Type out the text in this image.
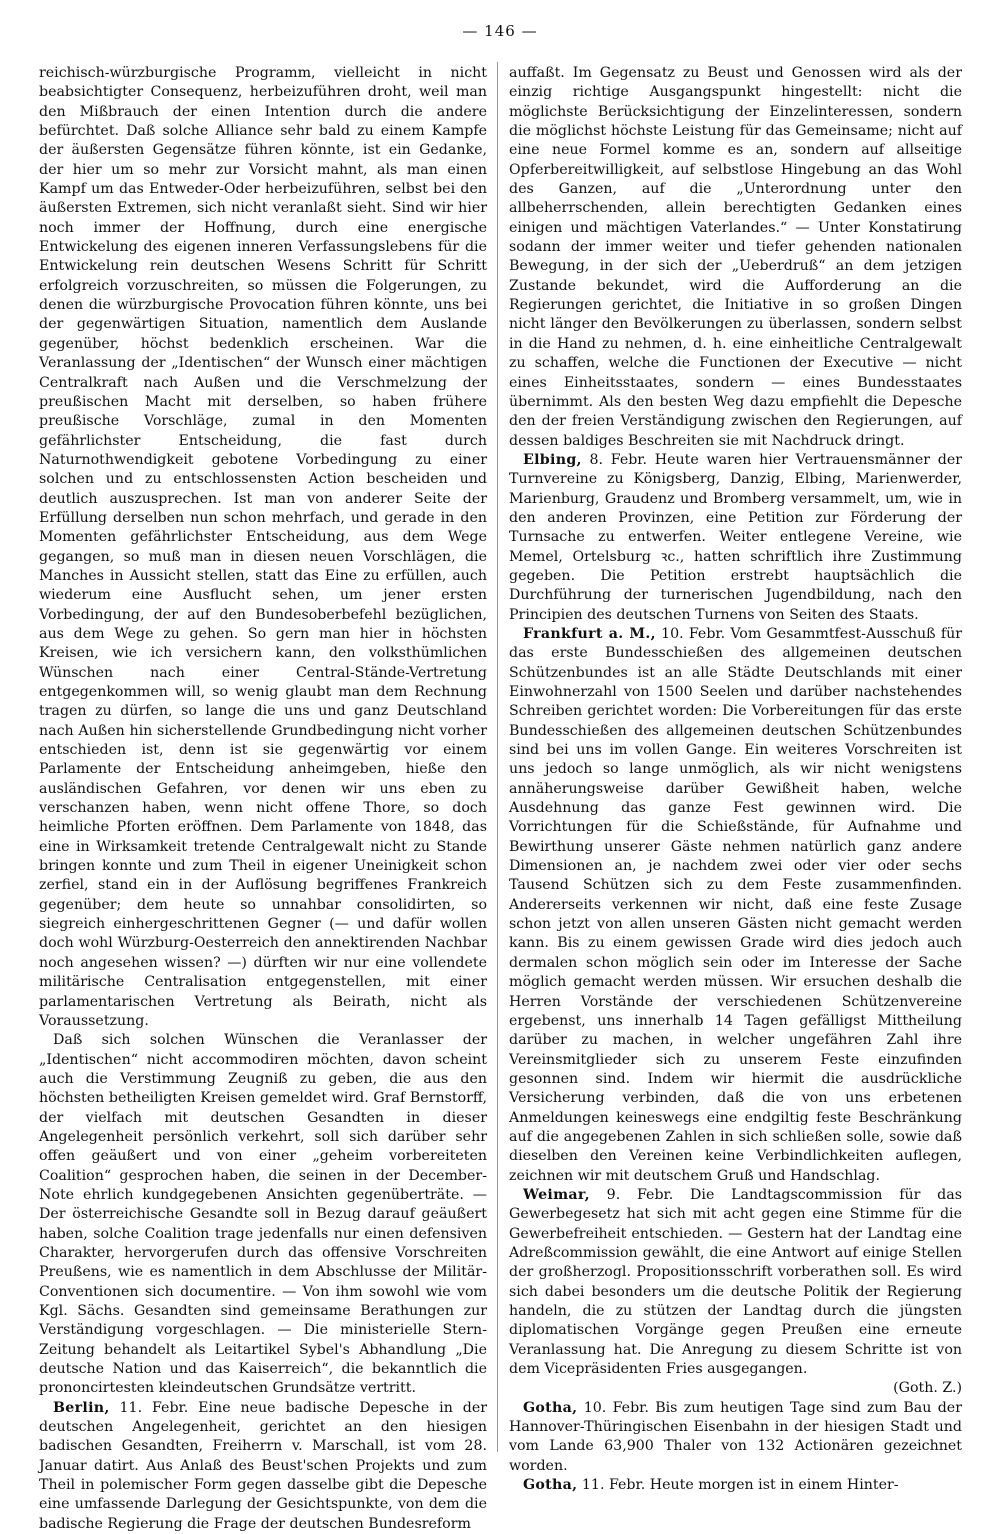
— 146 —

reichisch-würzburgische Programm, vielleicht in nicht beabsichtigter Consequenz, herbeizuführen droht, weil man den Mißbrauch der einen Intention durch die andere befürchtet. Daß solche Alliance sehr bald zu einem Kampfe der äußersten Gegensätze führen könnte, ist ein Gedanke, der hier um so mehr zur Vorsicht mahnt, als man einen Kampf um das Entweder-Oder herbeizuführen, selbst bei den äußersten Extremen, sich nicht veranlaßt sieht. Sind wir hier noch immer der Hoffnung, durch eine energische Entwickelung des eigenen inneren Verfassungslebens für die Entwickelung rein deutschen Wesens Schritt für Schritt erfolgreich vorzuschreiten, so müssen die Folgerungen, zu denen die würzburgische Provocation führen könnte, uns bei der gegenwärtigen Situation, namentlich dem Auslande gegenüber, höchst bedenklich erscheinen. War die Veranlassung der „Identischen“ der Wunsch einer mächtigen Centralkraft nach Außen und die Verschmelzung der preußischen Macht mit derselben, so haben frühere preußische Vorschläge, zumal in den Momenten gefährlichster Entscheidung, die fast durch Naturnothwendigkeit gebotene Vorbedingung zu einer solchen und zu entschlossensten Action bescheiden und deutlich auszusprechen. Ist man von anderer Seite der Erfüllung derselben nun schon mehrfach, und gerade in den Momenten gefährlichster Entscheidung, aus dem Wege gegangen, so muß man in diesen neuen Vorschlägen, die Manches in Aussicht stellen, statt das Eine zu erfüllen, auch wiederum eine Ausflucht sehen, um jener ersten Vorbedingung, der auf den Bundesoberbefehl bezüglichen, aus dem Wege zu gehen. So gern man hier in höchsten Kreisen, wie ich versichern kann, den volksthümlichen Wünschen nach einer Central-Stände-Vertretung entgegenkommen will, so wenig glaubt man dem Rechnung tragen zu dürfen, so lange die uns und ganz Deutschland nach Außen hin sicherstellende Grundbedingung nicht vorher entschieden ist, denn ist sie gegenwärtig vor einem Parlamente der Entscheidung anheimgeben, hieße den ausländischen Gefahren, vor denen wir uns eben zu verschanzen haben, wenn nicht offene Thore, so doch heimliche Pforten eröffnen. Dem Parlamente von 1848, das eine in Wirksamkeit tretende Centralgewalt nicht zu Stande bringen konnte und zum Theil in eigener Uneinigkeit schon zerfiel, stand ein in der Auflösung begriffenes Frankreich gegenüber; dem heute so unnahbar consolidirten, so siegreich einhergeschrittenen Gegner (— und dafür wollen doch wohl Würzburg-Oesterreich den annektirenden Nachbar noch angesehen wissen? —) dürften wir nur eine vollendete militärische Centralisation entgegenstellen, mit einer parlamentarischen Vertretung als Beirath, nicht als Voraussetzung.

Daß sich solchen Wünschen die Veranlasser der „Identischen“ nicht accommodiren möchten, davon scheint auch die Verstimmung Zeugniß zu geben, die aus den höchsten betheiligten Kreisen gemeldet wird. Graf Bernstorff, der vielfach mit deutschen Gesandten in dieser Angelegenheit persönlich verkehrt, soll sich darüber sehr offen geäußert und von einer „geheim vorbereiteten Coalition“ gesprochen haben, die seinen in der December-Note ehrlich kundgegebenen Ansichten gegenüberträte. — Der österreichische Gesandte soll in Bezug darauf geäußert haben, solche Coalition trage jedenfalls nur einen defensiven Charakter, hervorgerufen durch das offensive Vorschreiten Preußens, wie es namentlich in dem Abschlusse der Militär-Conventionen sich documentire. — Von ihm sowohl wie vom Kgl. Sächs. Gesandten sind gemeinsame Berathungen zur Verständigung vorgeschlagen. — Die ministerielle Stern-Zeitung behandelt als Leitartikel Sybel's Abhandlung „Die deutsche Nation und das Kaiserreich“, die bekanntlich die prononcirtesten kleindeutschen Grundsätze vertritt.

Berlin, 11. Febr. Eine neue badische Depesche in der deutschen Angelegenheit, gerichtet an den hiesigen badischen Gesandten, Freiherrn v. Marschall, ist vom 28. Januar datirt. Aus Anlaß des Beust'schen Projekts und zum Theil in polemischer Form gegen dasselbe gibt die Depesche eine umfassende Darlegung der Gesichtspunkte, von dem die badische Regierung die Frage der deutschen Bundesreform

auffaßt. Im Gegensatz zu Beust und Genossen wird als der einzig richtige Ausgangspunkt hingestellt: nicht die möglichste Berücksichtigung der Einzelinteressen, sondern die möglichst höchste Leistung für das Gemeinsame; nicht auf eine neue Formel komme es an, sondern auf allseitige Opferbereitwilligkeit, auf selbstlose Hingebung an das Wohl des Ganzen, auf die „Unterordnung unter den allbeherrschenden, allein berechtigten Gedanken eines einigen und mächtigen Vaterlandes.“ — Unter Konstatirung sodann der immer weiter und tiefer gehenden nationalen Bewegung, in der sich der „Ueberdruß“ an dem jetzigen Zustande bekundet, wird die Aufforderung an die Regierungen gerichtet, die Initiative in so großen Dingen nicht länger den Bevölkerungen zu überlassen, sondern selbst in die Hand zu nehmen, d. h. eine einheitliche Centralgewalt zu schaffen, welche die Functionen der Executive — nicht eines Einheitsstaates, sondern — eines Bundesstaates übernimmt. Als den besten Weg dazu empfiehlt die Depesche den der freien Verständigung zwischen den Regierungen, auf dessen baldiges Beschreiten sie mit Nachdruck dringt.

Elbing, 8. Febr. Heute waren hier Vertrauensmänner der Turnvereine zu Königsberg, Danzig, Elbing, Marienwerder, Marienburg, Graudenz und Bromberg versammelt, um, wie in den anderen Provinzen, eine Petition zur Förderung der Turnsache zu entwerfen. Weiter entlegene Vereine, wie Memel, Ortelsburg ꝛc., hatten schriftlich ihre Zustimmung gegeben. Die Petition erstrebt hauptsächlich die Durchführung der turnerischen Jugendbildung, nach den Principien des deutschen Turnens von Seiten des Staats.

Frankfurt a. M., 10. Febr. Vom Gesammtfest-Ausschuß für das erste Bundesschießen des allgemeinen deutschen Schützenbundes ist an alle Städte Deutschlands mit einer Einwohnerzahl von 1500 Seelen und darüber nachstehendes Schreiben gerichtet worden: Die Vorbereitungen für das erste Bundesschießen des allgemeinen deutschen Schützenbundes sind bei uns im vollen Gange. Ein weiteres Vorschreiten ist uns jedoch so lange unmöglich, als wir nicht wenigstens annäherungsweise darüber Gewißheit haben, welche Ausdehnung das ganze Fest gewinnen wird. Die Vorrichtungen für die Schießstände, für Aufnahme und Bewirthung unserer Gäste nehmen natürlich ganz andere Dimensionen an, je nachdem zwei oder vier oder sechs Tausend Schützen sich zu dem Feste zusammenfinden. Andererseits verkennen wir nicht, daß eine feste Zusage schon jetzt von allen unseren Gästen nicht gemacht werden kann. Bis zu einem gewissen Grade wird dies jedoch auch dermalen schon möglich sein oder im Interesse der Sache möglich gemacht werden müssen. Wir ersuchen deshalb die Herren Vorstände der verschiedenen Schützenvereine ergebenst, uns innerhalb 14 Tagen gefälligst Mittheilung darüber zu machen, in welcher ungefähren Zahl ihre Vereinsmitglieder sich zu unserem Feste einzufinden gesonnen sind. Indem wir hiermit die ausdrückliche Versicherung verbinden, daß die von uns erbetenen Anmeldungen keineswegs eine endgiltig feste Beschränkung auf die angegebenen Zahlen in sich schließen solle, sowie daß dieselben den Vereinen keine Verbindlichkeiten auflegen, zeichnen wir mit deutschem Gruß und Handschlag.

Weimar, 9. Febr. Die Landtagscommission für das Gewerbegesetz hat sich mit acht gegen eine Stimme für die Gewerbefreiheit entschieden. — Gestern hat der Landtag eine Adreßcommission gewählt, die eine Antwort auf einige Stellen der großherzogl. Propositionsschrift vorberathen soll. Es wird sich dabei besonders um die deutsche Politik der Regierung handeln, die zu stützen der Landtag durch die jüngsten diplomatischen Vorgänge gegen Preußen eine erneute Veranlassung hat. Die Anregung zu diesem Schritte ist von dem Vicepräsidenten Fries ausgegangen.

(Goth. Z.)

Gotha, 10. Febr. Bis zum heutigen Tage sind zum Bau der Hannover-Thüringischen Eisenbahn in der hiesigen Stadt und vom Lande 63,900 Thaler von 132 Actionären gezeichnet worden.

Gotha, 11. Febr. Heute morgen ist in einem Hinter-
